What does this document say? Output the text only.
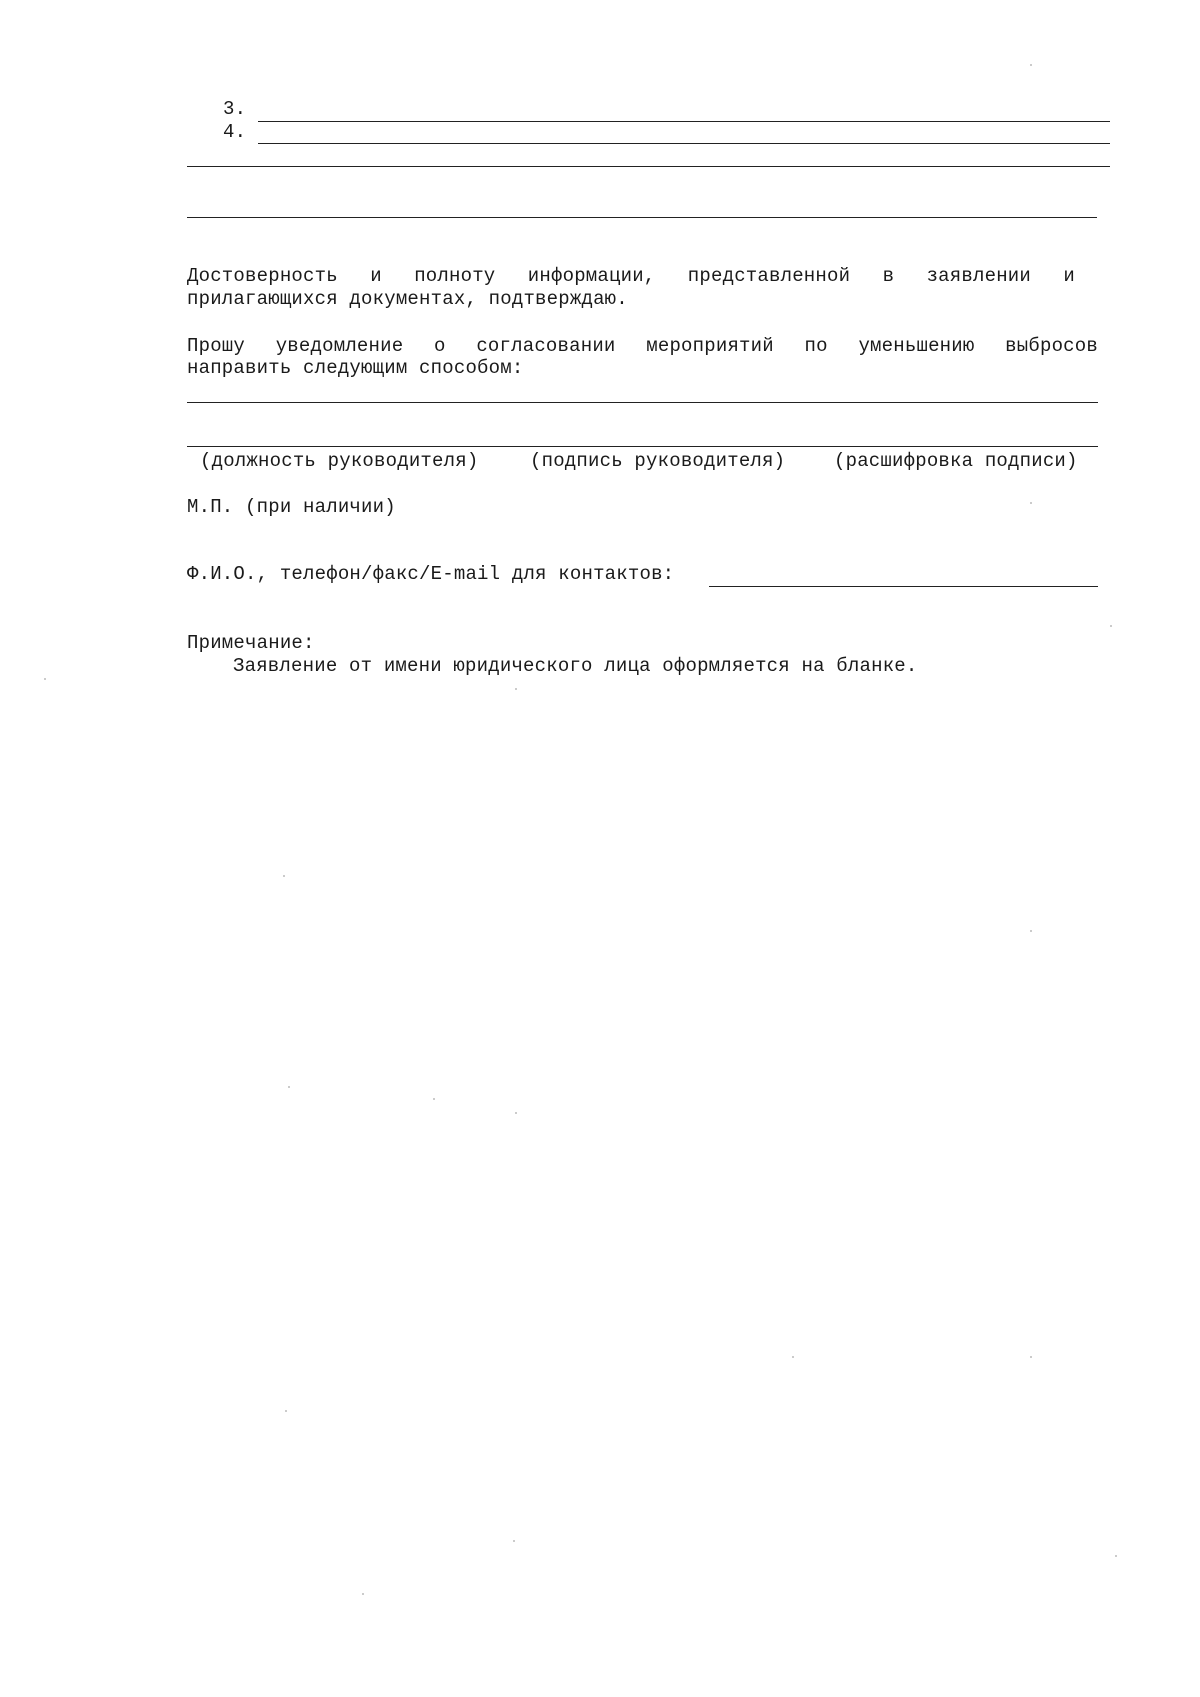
3.
4.
Достоверность и полноту информации, представленной в заявлении и
прилагающихся документах, подтверждаю.
Прошу уведомление о согласовании мероприятий по уменьшению выбросов
направить следующим способом:
(должность руководителя)	(подпись руководителя)	(расшифровка подписи)
М.П. (при наличии)
Ф.И.О., телефон/факс/E-mail для контактов:
Примечание:
Заявление от имени юридического лица оформляется на бланке.
